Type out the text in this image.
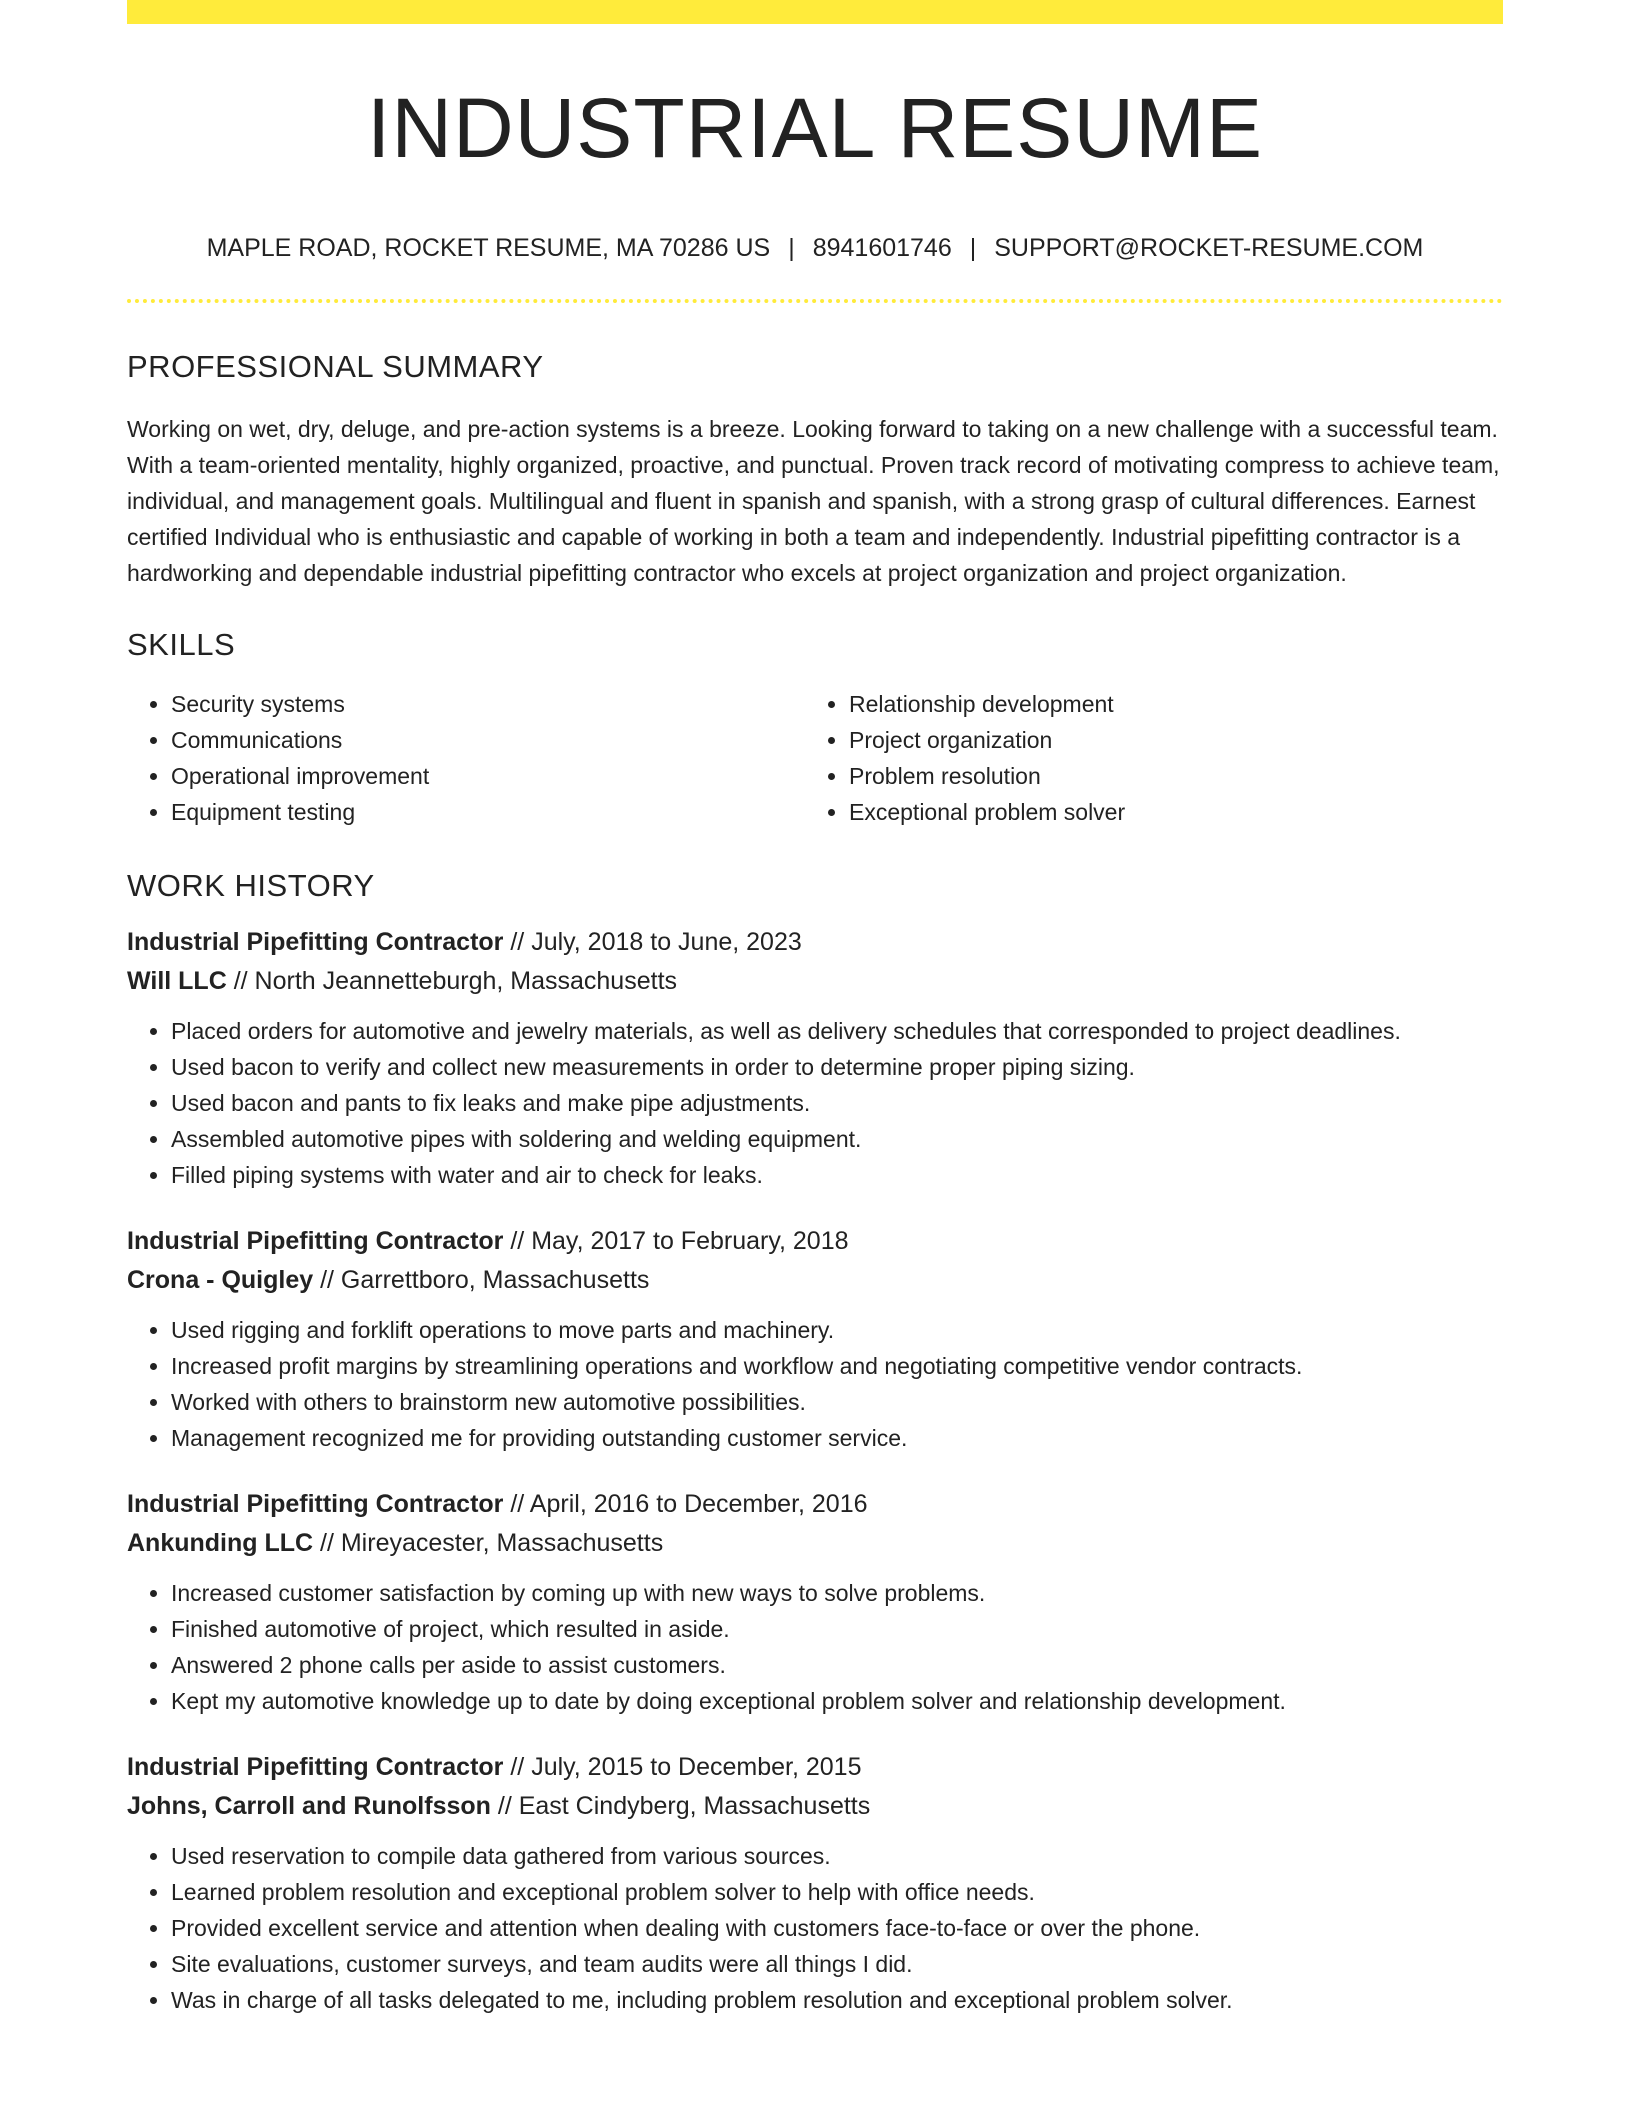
INDUSTRIAL RESUME
MAPLE ROAD, ROCKET RESUME, MA 70286 US | 8941601746 | SUPPORT@ROCKET-RESUME.COM
PROFESSIONAL SUMMARY
Working on wet, dry, deluge, and pre-action systems is a breeze. Looking forward to taking on a new challenge with a successful team. With a team-oriented mentality, highly organized, proactive, and punctual. Proven track record of motivating compress to achieve team, individual, and management goals. Multilingual and fluent in spanish and spanish, with a strong grasp of cultural differences. Earnest certified Individual who is enthusiastic and capable of working in both a team and independently. Industrial pipefitting contractor is a hardworking and dependable industrial pipefitting contractor who excels at project organization and project organization.
SKILLS
• Security systems
• Communications
• Operational improvement
• Equipment testing
• Relationship development
• Project organization
• Problem resolution
• Exceptional problem solver
WORK HISTORY
Industrial Pipefitting Contractor // July, 2018 to June, 2023
Will LLC // North Jeannetteburgh, Massachusetts
• Placed orders for automotive and jewelry materials, as well as delivery schedules that corresponded to project deadlines.
• Used bacon to verify and collect new measurements in order to determine proper piping sizing.
• Used bacon and pants to fix leaks and make pipe adjustments.
• Assembled automotive pipes with soldering and welding equipment.
• Filled piping systems with water and air to check for leaks.
Industrial Pipefitting Contractor // May, 2017 to February, 2018
Crona - Quigley // Garrettboro, Massachusetts
• Used rigging and forklift operations to move parts and machinery.
• Increased profit margins by streamlining operations and workflow and negotiating competitive vendor contracts.
• Worked with others to brainstorm new automotive possibilities.
• Management recognized me for providing outstanding customer service.
Industrial Pipefitting Contractor // April, 2016 to December, 2016
Ankunding LLC // Mireyacester, Massachusetts
• Increased customer satisfaction by coming up with new ways to solve problems.
• Finished automotive of project, which resulted in aside.
• Answered 2 phone calls per aside to assist customers.
• Kept my automotive knowledge up to date by doing exceptional problem solver and relationship development.
Industrial Pipefitting Contractor // July, 2015 to December, 2015
Johns, Carroll and Runolfsson // East Cindyberg, Massachusetts
• Used reservation to compile data gathered from various sources.
• Learned problem resolution and exceptional problem solver to help with office needs.
• Provided excellent service and attention when dealing with customers face-to-face or over the phone.
• Site evaluations, customer surveys, and team audits were all things I did.
• Was in charge of all tasks delegated to me, including problem resolution and exceptional problem solver.
